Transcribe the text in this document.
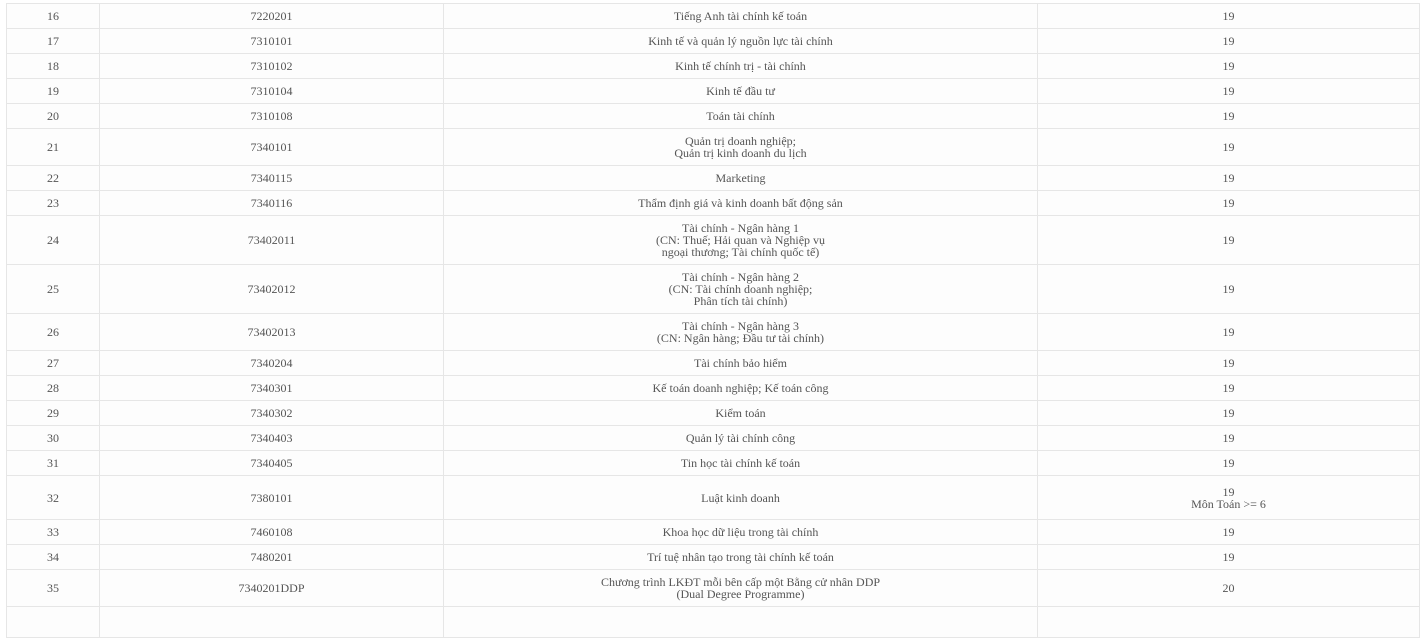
16	7220201	Tiếng Anh tài chính kế toán	19

17	7310101	Kinh tế và quản lý nguồn lực tài chính	19

18	7310102	Kinh tế chính trị - tài chính	19

19	7310104	Kinh tế đầu tư	19

20	7310108	Toán tài chính	19

21	7340101	Quản trị doanh nghiệp;
Quản trị kinh doanh du lịch	19

22	7340115	Marketing	19

23	7340116	Thẩm định giá và kinh doanh bất động sản	19

24	73402011	Tài chính - Ngân hàng 1
(CN: Thuế; Hải quan và Nghiệp vụ
ngoại thương; Tài chính quốc tế)	19

25	73402012	Tài chính - Ngân hàng 2
(CN: Tài chính doanh nghiệp;
Phân tích tài chính)	19

26	73402013	Tài chính - Ngân hàng 3
(CN: Ngân hàng; Đầu tư tài chính)	19

27	7340204	Tài chính bảo hiểm	19

28	7340301	Kế toán doanh nghiệp; Kế toán công	19

29	7340302	Kiểm toán	19

30	7340403	Quản lý tài chính công	19

31	7340405	Tin học tài chính kế toán	19

32	7380101	Luật kinh doanh	19
Môn Toán >= 6

33	7460108	Khoa học dữ liệu trong tài chính	19

34	7480201	Trí tuệ nhân tạo trong tài chính kế toán	19

35	7340201DDP	Chương trình LKĐT mỗi bên cấp một Bằng cử nhân DDP
(Dual Degree Programme)	20
